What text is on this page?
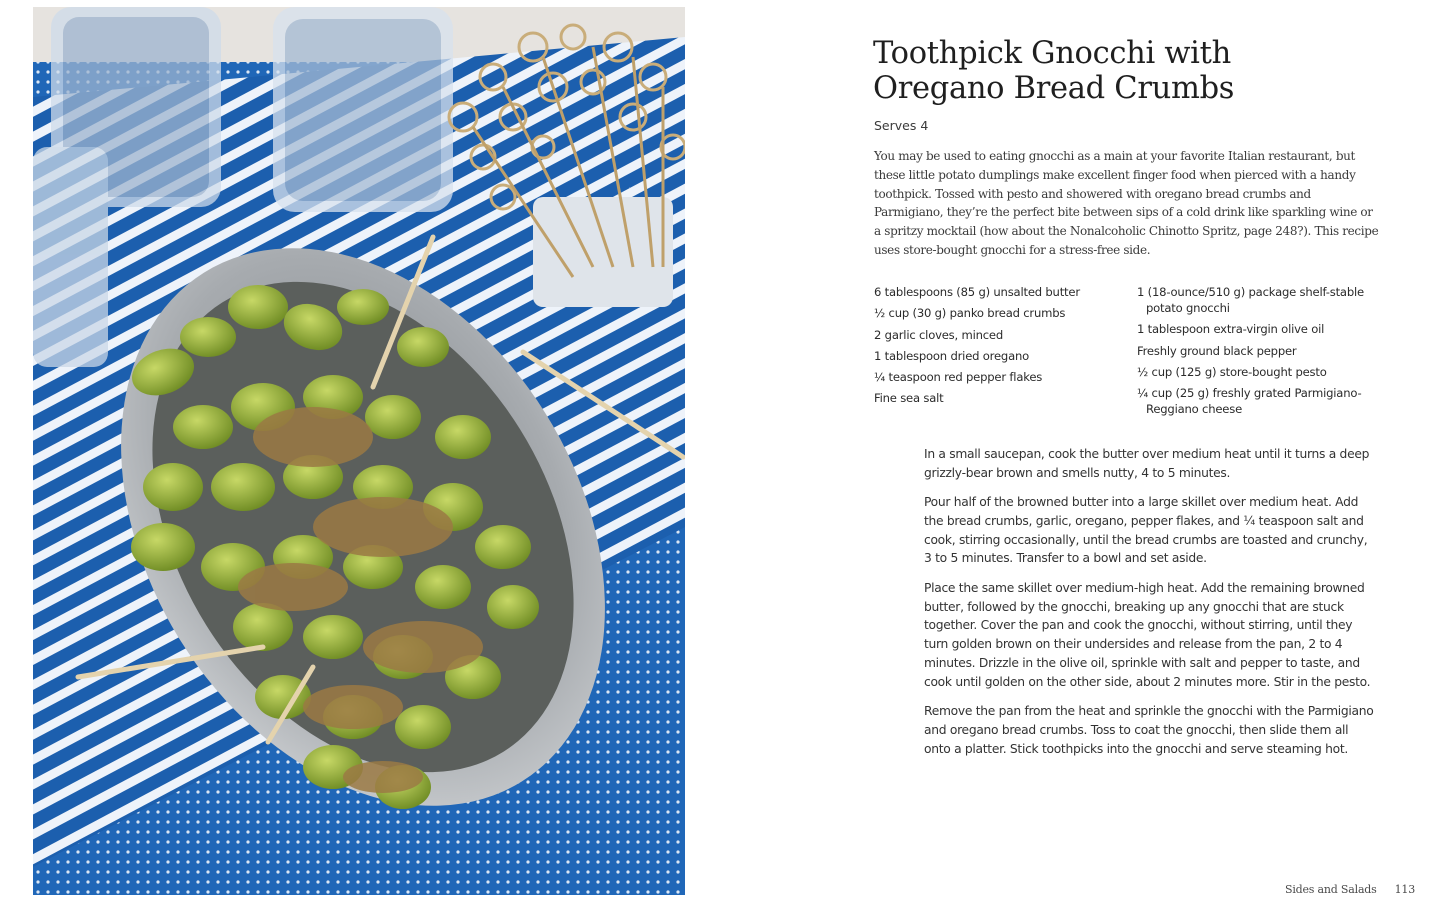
Toothpick Gnocchi with
Oregano Bread Crumbs

Serves 4

You may be used to eating gnocchi as a main at your favorite Italian restaurant, but these little potato dumplings make excellent finger food when pierced with a handy toothpick. Tossed with pesto and showered with oregano bread crumbs and Parmigiano, they’re the perfect bite between sips of a cold drink like sparkling wine or a spritzy mocktail (how about the Nonalcoholic Chinotto Spritz, page 248?). This recipe uses store-bought gnocchi for a stress-free side.

6 tablespoons (85 g) unsalted butter
½ cup (30 g) panko bread crumbs
2 garlic cloves, minced
1 tablespoon dried oregano
¼ teaspoon red pepper flakes
Fine sea salt
1 (18-ounce/510 g) package shelf-stable potato gnocchi
1 tablespoon extra-virgin olive oil
Freshly ground black pepper
½ cup (125 g) store-bought pesto
¼ cup (25 g) freshly grated Parmigiano-Reggiano cheese

In a small saucepan, cook the butter over medium heat until it turns a deep grizzly-bear brown and smells nutty, 4 to 5 minutes.

Pour half of the browned butter into a large skillet over medium heat. Add the bread crumbs, garlic, oregano, pepper flakes, and ¼ teaspoon salt and cook, stirring occasionally, until the bread crumbs are toasted and crunchy, 3 to 5 minutes. Transfer to a bowl and set aside.

Place the same skillet over medium-high heat. Add the remaining browned butter, followed by the gnocchi, breaking up any gnocchi that are stuck together. Cover the pan and cook the gnocchi, without stirring, until they turn golden brown on their undersides and release from the pan, 2 to 4 minutes. Drizzle in the olive oil, sprinkle with salt and pepper to taste, and cook until golden on the other side, about 2 minutes more. Stir in the pesto.

Remove the pan from the heat and sprinkle the gnocchi with the Parmigiano and oregano bread crumbs. Toss to coat the gnocchi, then slide them all onto a platter. Stick toothpicks into the gnocchi and serve steaming hot.

Sides and Salads 113
